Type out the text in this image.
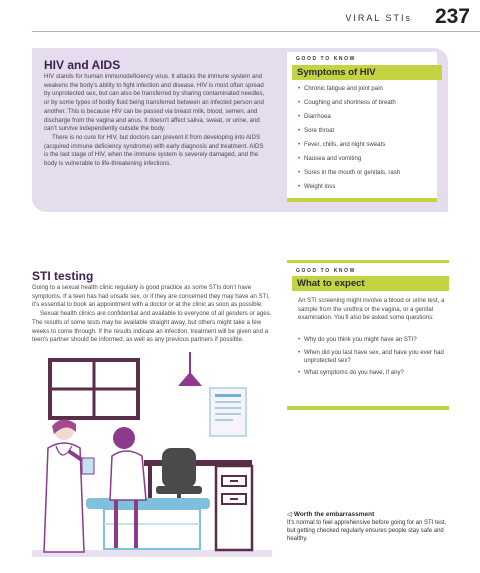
VIRAL STIs 237
HIV and AIDS

HIV stands for human immunodeficiency virus. It attacks the immune system and weakens the body’s ability to fight infection and disease. HIV is most often spread by unprotected sex, but can also be transferred by sharing contaminated needles, or by some types of bodily fluid being transferred between an infected person and another. This is because HIV can be passed via breast milk, blood, semen, and discharge from the vagina and anus. It doesn’t affect saliva, sweat, or urine, and can’t survive independently outside the body.

There is no cure for HIV, but doctors can prevent it from developing into AIDS (acquired immune deficiency syndrome) with early diagnosis and treatment. AIDS is the last stage of HIV, when the immune system is severely damaged, and the body is vulnerable to life-threatening infections.

GOOD TO KNOW
Symptoms of HIV
• Chronic fatigue and joint pain
• Coughing and shortness of breath
• Diarrhoea
• Sore throat
• Fever, chills, and night sweats
• Nausea and vomiting
• Sores in the mouth or genitals, rash
• Weight loss
STI testing

Going to a sexual health clinic regularly is good practice as some STIs don’t have symptoms. If a teen has had unsafe sex, or if they are concerned they may have an STI, it’s essential to book an appointment with a doctor or at the clinic as soon as possible.

Sexual health clinics are confidential and available to everyone of all genders or ages. The results of some tests may be available straight away, but others might take a few weeks to come through. If the results indicate an infection, treatment will be given and a teen’s partner should be informed, as well as any previous partners if possible.

GOOD TO KNOW
What to expect
An STI screening might involve a blood or urine test, a sample from the urethra or the vagina, or a genital examination. You’ll also be asked some questions:
• Why do you think you might have an STI?
• When did you last have sex, and have you ever had unprotected sex?
• What symptoms do you have, if any?
◁ Worth the embarrassment
It’s normal to feel apprehensive before going for an STI test, but getting checked regularly ensures people stay safe and healthy.
